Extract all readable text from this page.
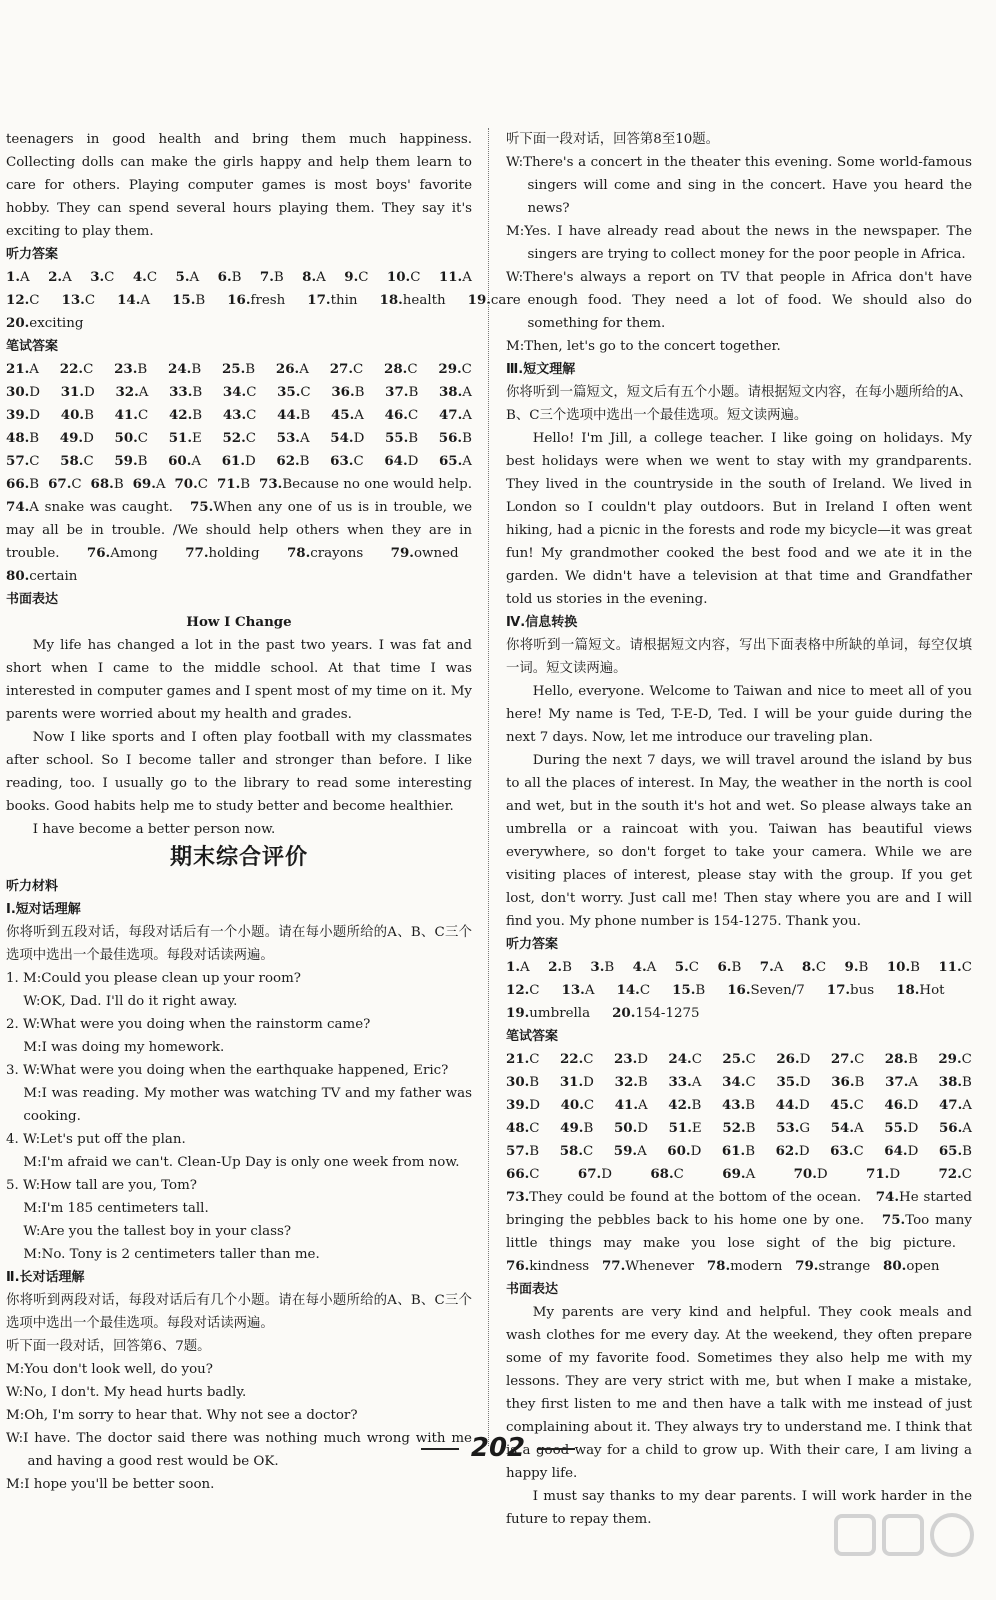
teenagers in good health and bring them much happiness. Collecting dolls can make the girls happy and help them learn to care for others. Playing computer games is most boys' favorite hobby. They can spend several hours playing them. They say it's exciting to play them.

听力答案

1.A 2.A 3.C 4.C 5.A 6.B 7.B 8.A 9.C 10.C 11.A
12.C 13.C 14.A 15.B 16.fresh 17.thin 18.health 19.care
20.exciting

笔试答案

21.A 22.C 23.B 24.B 25.B 26.A 27.C 28.C 29.C
30.D 31.D 32.A 33.B 34.C 35.C 36.B 37.B 38.A
39.D 40.B 41.C 42.B 43.C 44.B 45.A 46.C 47.A
48.B 49.D 50.C 51.E 52.C 53.A 54.D 55.B 56.B
57.C 58.C 59.B 60.A 61.D 62.B 63.C 64.D 65.A
66.B 67.C 68.B 69.A 70.C 71.B 73.Because no one would help.

74.A snake was caught. 75.When any one of us is in trouble, we may all be in trouble. /We should help others when they are in trouble. 76.Among 77.holding 78.crayons 79.owned   80.certain

书面表达

How I Change

My life has changed a lot in the past two years. I was fat and short when I came to the middle school. At that time I was interested in computer games and I spent most of my time on it. My parents were worried about my health and grades.

Now I like sports and I often play football with my classmates after school. So I become taller and stronger than before. I like reading, too. I usually go to the library to read some interesting books. Good habits help me to study better and become healthier.

I have become a better person now.

期末综合评价

听力材料

Ⅰ.短对话理解

你将听到五段对话，每段对话后有一个小题。请在每小题所给的A、B、C三个选项中选出一个最佳选项。每段对话读两遍。

1. M:Could you please clean up your room?

W:OK, Dad. I'll do it right away.

2. W:What were you doing when the rainstorm came?

M:I was doing my homework.

3. W:What were you doing when the earthquake happened, Eric?

M:I was reading. My mother was watching TV and my father was cooking.

4. W:Let's put off the plan.

M:I'm afraid we can't. Clean-Up Day is only one week from now.

5. W:How tall are you, Tom?

M:I'm 185 centimeters tall.

W:Are you the tallest boy in your class?

M:No. Tony is 2 centimeters taller than me.

Ⅱ.长对话理解

你将听到两段对话，每段对话后有几个小题。请在每小题所给的A、B、C三个选项中选出一个最佳选项。每段对话读两遍。

听下面一段对话，回答第6、7题。

M:You don't look well, do you?

W:No, I don't. My head hurts badly.

M:Oh, I'm sorry to hear that. Why not see a doctor?

W:I have. The doctor said there was nothing much wrong with me and having a good rest would be OK.

M:I hope you'll be better soon.

听下面一段对话，回答第8至10题。

W:There's a concert in the theater this evening. Some world-famous singers will come and sing in the concert. Have you heard the news?

M:Yes. I have already read about the news in the newspaper. The singers are trying to collect money for the poor people in Africa.

W:There's always a report on TV that people in Africa don't have enough food. They need a lot of food. We should also do something for them.

M:Then, let's go to the concert together.

Ⅲ.短文理解

你将听到一篇短文，短文后有五个小题。请根据短文内容，在每小题所给的A、B、C三个选项中选出一个最佳选项。短文读两遍。

Hello! I'm Jill, a college teacher. I like going on holidays. My best holidays were when we went to stay with my grandparents. They lived in the countryside in the south of Ireland. We lived in London so I couldn't play outdoors. But in Ireland I often went hiking, had a picnic in the forests and rode my bicycle—it was great fun! My grandmother cooked the best food and we ate it in the garden. We didn't have a television at that time and Grandfather told us stories in the evening.

Ⅳ.信息转换

你将听到一篇短文。请根据短文内容，写出下面表格中所缺的单词，每空仅填一词。短文读两遍。

Hello, everyone. Welcome to Taiwan and nice to meet all of you here! My name is Ted, T-E-D, Ted. I will be your guide during the next 7 days. Now, let me introduce our traveling plan.

During the next 7 days, we will travel around the island by bus to all the places of interest. In May, the weather in the north is cool and wet, but in the south it's hot and wet. So please always take an umbrella or a raincoat with you. Taiwan has beautiful views everywhere, so don't forget to take your camera. While we are visiting places of interest, please stay with the group. If you get lost, don't worry. Just call me! Then stay where you are and I will find you. My phone number is 154-1275. Thank you.

听力答案

1.A 2.B 3.B 4.A 5.C 6.B 7.A 8.C 9.B 10.B 11.C
12.C 13.A 14.C 15.B 16.Seven/7 17.bus 18.Hot
19.umbrella 20.154-1275

笔试答案

21.C 22.C 23.D 24.C 25.C 26.D 27.C 28.B 29.C
30.B 31.D 32.B 33.A 34.C 35.D 36.B 37.A 38.B
39.D 40.C 41.A 42.B 43.B 44.D 45.C 46.D 47.A
48.C 49.B 50.D 51.E 52.B 53.G 54.A 55.D 56.A
57.B 58.C 59.A 60.D 61.B 62.D 63.C 64.D 65.B
66.C	67.D	68.C	69.A	70.D	71.D	72.C

73.They could be found at the bottom of the ocean. 74.He started bringing the pebbles back to his home one by one. 75.Too many little things may make you lose sight of the big picture.   76.kindness 77.Whenever 78.modern 79.strange 80.open

书面表达

My parents are very kind and helpful. They cook meals and wash clothes for me every day. At the weekend, they often prepare some of my favorite food. Sometimes they also help me with my lessons. They are very strict with me, but when I make a mistake, they first listen to me and then have a talk with me instead of just complaining about it. They always try to understand me. I think that is a good way for a child to grow up. With their care, I am living a happy life.

I must say thanks to my dear parents. I will work harder in the future to repay them.

202
